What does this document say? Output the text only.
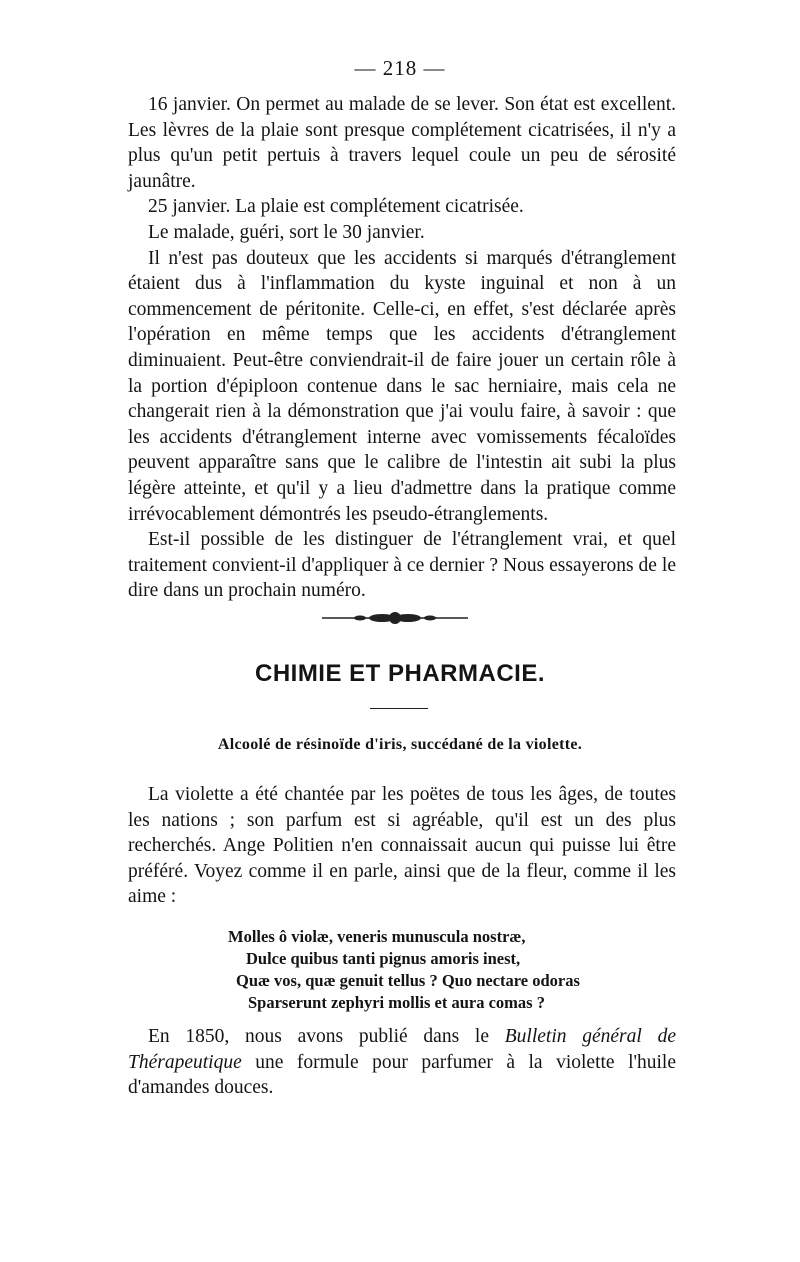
— 218 —

16 janvier. On permet au malade de se lever. Son état est excellent. Les lèvres de la plaie sont presque complétement cicatrisées, il n'y a plus qu'un petit pertuis à travers lequel coule un peu de sérosité jaunâtre.

25 janvier. La plaie est complétement cicatrisée.

Le malade, guéri, sort le 30 janvier.

Il n'est pas douteux que les accidents si marqués d'étranglement étaient dus à l'inflammation du kyste inguinal et non à un commencement de péritonite. Celle-ci, en effet, s'est déclarée après l'opération en même temps que les accidents d'étranglement diminuaient. Peut-être conviendrait-il de faire jouer un certain rôle à la portion d'épiploon contenue dans le sac herniaire, mais cela ne changerait rien à la démonstration que j'ai voulu faire, à savoir : que les accidents d'étranglement interne avec vomissements fécaloïdes peuvent apparaître sans que le calibre de l'intestin ait subi la plus légère atteinte, et qu'il y a lieu d'admettre dans la pratique comme irrévocablement démontrés les pseudo-étranglements.

Est-il possible de les distinguer de l'étranglement vrai, et quel traitement convient-il d'appliquer à ce dernier ? Nous essayerons de le dire dans un prochain numéro.

CHIMIE ET PHARMACIE.
Alcoolé de résinoïde d'iris, succédané de la violette.

La violette a été chantée par les poëtes de tous les âges, de toutes les nations ; son parfum est si agréable, qu'il est un des plus recherchés. Ange Politien n'en connaissait aucun qui puisse lui être préféré. Voyez comme il en parle, ainsi que de la fleur, comme il les aime :

Molles ô violæ, veneris munuscula nostræ,
Dulce quibus tanti pignus amoris inest,
Quæ vos, quæ genuit tellus ? Quo nectare odoras
Sparserunt zephyri mollis et aura comas ?

En 1850, nous avons publié dans le Bulletin général de Thérapeutique une formule pour parfumer à la violette l'huile d'amandes douces.
